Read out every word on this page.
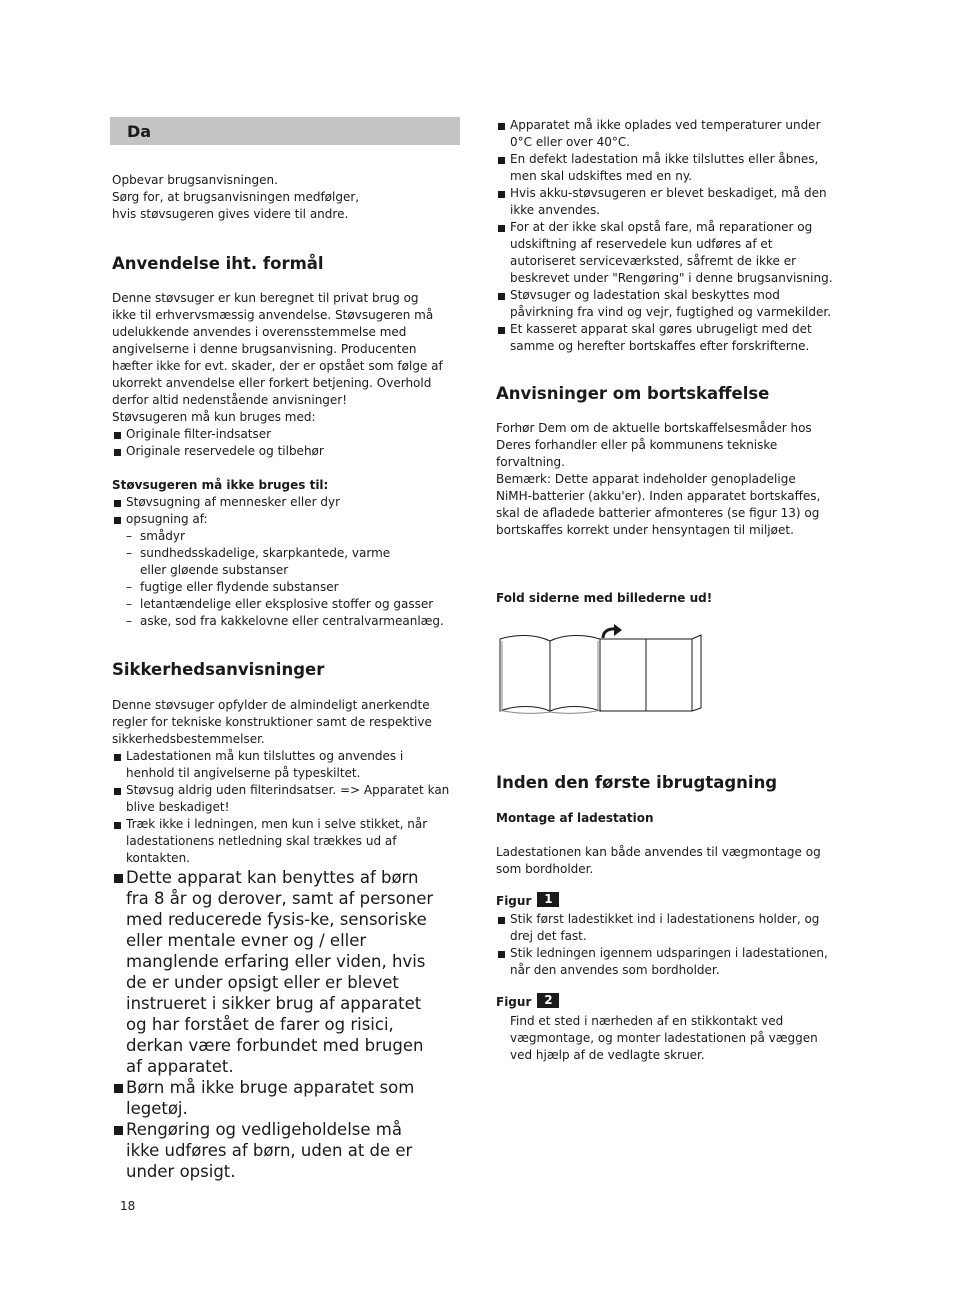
Da

Opbevar brugsanvisningen.

Sørg for, at brugsanvisningen medfølger,

hvis støvsugeren gives videre til andre.

Anvendelse iht. formål

Denne støvsuger er kun beregnet til privat brug og

ikke til erhvervsmæssig anvendelse. Støvsugeren må

udelukkende anvendes i overensstemmelse med

angivelserne i denne brugsanvisning. Producenten

hæfter ikke for evt. skader, der er opstået som følge af

ukorrekt anvendelse eller forkert betjening. Overhold

derfor altid nedenstående anvisninger!

Støvsugeren må kun bruges med:

Originale filter-indsatser
Originale reservedele og tilbehør

Støvsugeren må ikke bruges til:

Støvsugning af mennesker eller dyr
opsugning af:
– smådyr
– sundhedsskadelige, skarpkantede, varme eller gløende substanser
– fugtige eller flydende substanser
– letantændelige eller eksplosive stoffer og gasser
– aske, sod fra kakkelovne eller centralvarmeanlæg.
Sikkerhedsanvisninger

Denne støvsuger opfylder de almindeligt anerkendte

regler for tekniske konstruktioner samt de respektive

sikkerhedsbestemmelser.

Ladestationen må kun tilsluttes og anvendes i henhold til angivelserne på typeskiltet.
Støvsug aldrig uden filterindsatser. => Apparatet kan blive beskadiget!
Træk ikke i ledningen, men kun i selve stikket, når ladestationens netledning skal trækkes ud af kontakten.
Dette apparat kan benyttes af børn fra 8 år og derover, samt af personer med reducerede fysis-ke, sensoriske eller mentale evner og / eller manglende erfaring eller viden, hvis de er under opsigt eller er blevet instrueret i sikker brug af apparatet og har forstået de farer og risici, derkan være forbundet med brugen af apparatet.
Børn må ikke bruge apparatet som legetøj.
Rengøring og vedligeholdelse må ikke udføres af børn, uden at de er under opsigt.
Apparatet må ikke oplades ved temperaturer under 0°C eller over 40°C.
En defekt ladestation må ikke tilsluttes eller åbnes, men skal udskiftes med en ny.
Hvis akku-støvsugeren er blevet beskadiget, må den ikke anvendes.
For at der ikke skal opstå fare, må reparationer og udskiftning af reservedele kun udføres af et autoriseret serviceværksted, såfremt de ikke er beskrevet under "Rengøring" i denne brugsanvisning.
Støvsuger og ladestation skal beskyttes mod påvirkning fra vind og vejr, fugtighed og varmekilder.
Et kasseret apparat skal gøres ubrugeligt med det samme og herefter bortskaffes efter forskrifterne.
Anvisninger om bortskaffelse

Forhør Dem om de aktuelle bortskaffelsesmåder hos

Deres forhandler eller på kommunens tekniske

forvaltning.

Bemærk: Dette apparat indeholder genopladelige

NiMH-batterier (akku'er). Inden apparatet bortskaffes,

skal de afladede batterier afmonteres (se figur 13) og

bortskaffes korrekt under hensyntagen til miljøet.

Fold siderne med billederne ud!

Inden den første ibrugtagning

Montage af ladestation

Ladestationen kan både anvendes til vægmontage og

som bordholder.

Figur 1
Stik først ladestikket ind i ladestationens holder, og drej det fast.
Stik ledningen igennem udsparingen i ladestationen, når den anvendes som bordholder.
Figur 2

Find et sted i nærheden af en stikkontakt ved

vægmontage, og monter ladestationen på væggen

ved hjælp af de vedlagte skruer.

18
